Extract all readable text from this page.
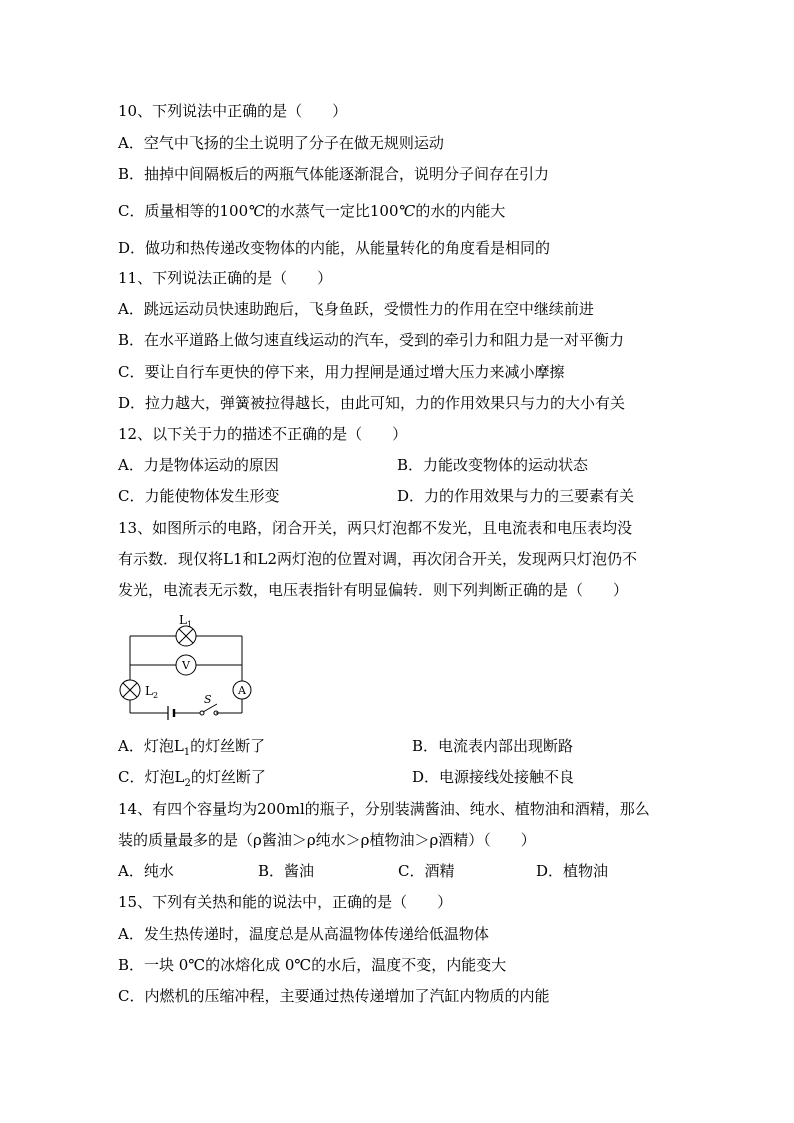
10、下列说法中正确的是（　　）
A．空气中飞扬的尘土说明了分子在做无规则运动
B．抽掉中间隔板后的两瓶气体能逐渐混合，说明分子间存在引力
C．质量相等的100℃的水蒸气一定比100℃的水的内能大
D．做功和热传递改变物体的内能，从能量转化的角度看是相同的
11、下列说法正确的是（　　）
A．跳远运动员快速助跑后，飞身鱼跃，受惯性力的作用在空中继续前进
B．在水平道路上做匀速直线运动的汽车，受到的牵引力和阻力是一对平衡力
C．要让自行车更快的停下来，用力捏闸是通过增大压力来减小摩擦
D．拉力越大，弹簧被拉得越长，由此可知，力的作用效果只与力的大小有关
12、以下关于力的描述不正确的是（　　）
A．力是物体运动的原因	B．力能改变物体的运动状态
C．力能使物体发生形变	D．力的作用效果与力的三要素有关
13、如图所示的电路，闭合开关，两只灯泡都不发光，且电流表和电压表均没
有示数．现仅将L1和L2两灯泡的位置对调，再次闭合开关，发现两只灯泡仍不
发光，电流表无示数，电压表指针有明显偏转．则下列判断正确的是（　　）
$L_1$
V
$L_2$	A
S
A．灯泡$L_1$的灯丝断了	B．电流表内部出现断路
C．灯泡$L_2$的灯丝断了	D．电源接线处接触不良
14、有四个容量均为200ml的瓶子，分别装满酱油、纯水、植物油和酒精，那么
装的质量最多的是（ρ酱油＞ρ纯水＞ρ植物油＞ρ酒精）（　　）
A．纯水	B．酱油	C．酒精	D．植物油
15、下列有关热和能的说法中，正确的是（　　）
A．发生热传递时，温度总是从高温物体传递给低温物体
B．一块 0℃的冰熔化成 0℃的水后，温度不变，内能变大
C．内燃机的压缩冲程，主要通过热传递增加了汽缸内物质的内能
